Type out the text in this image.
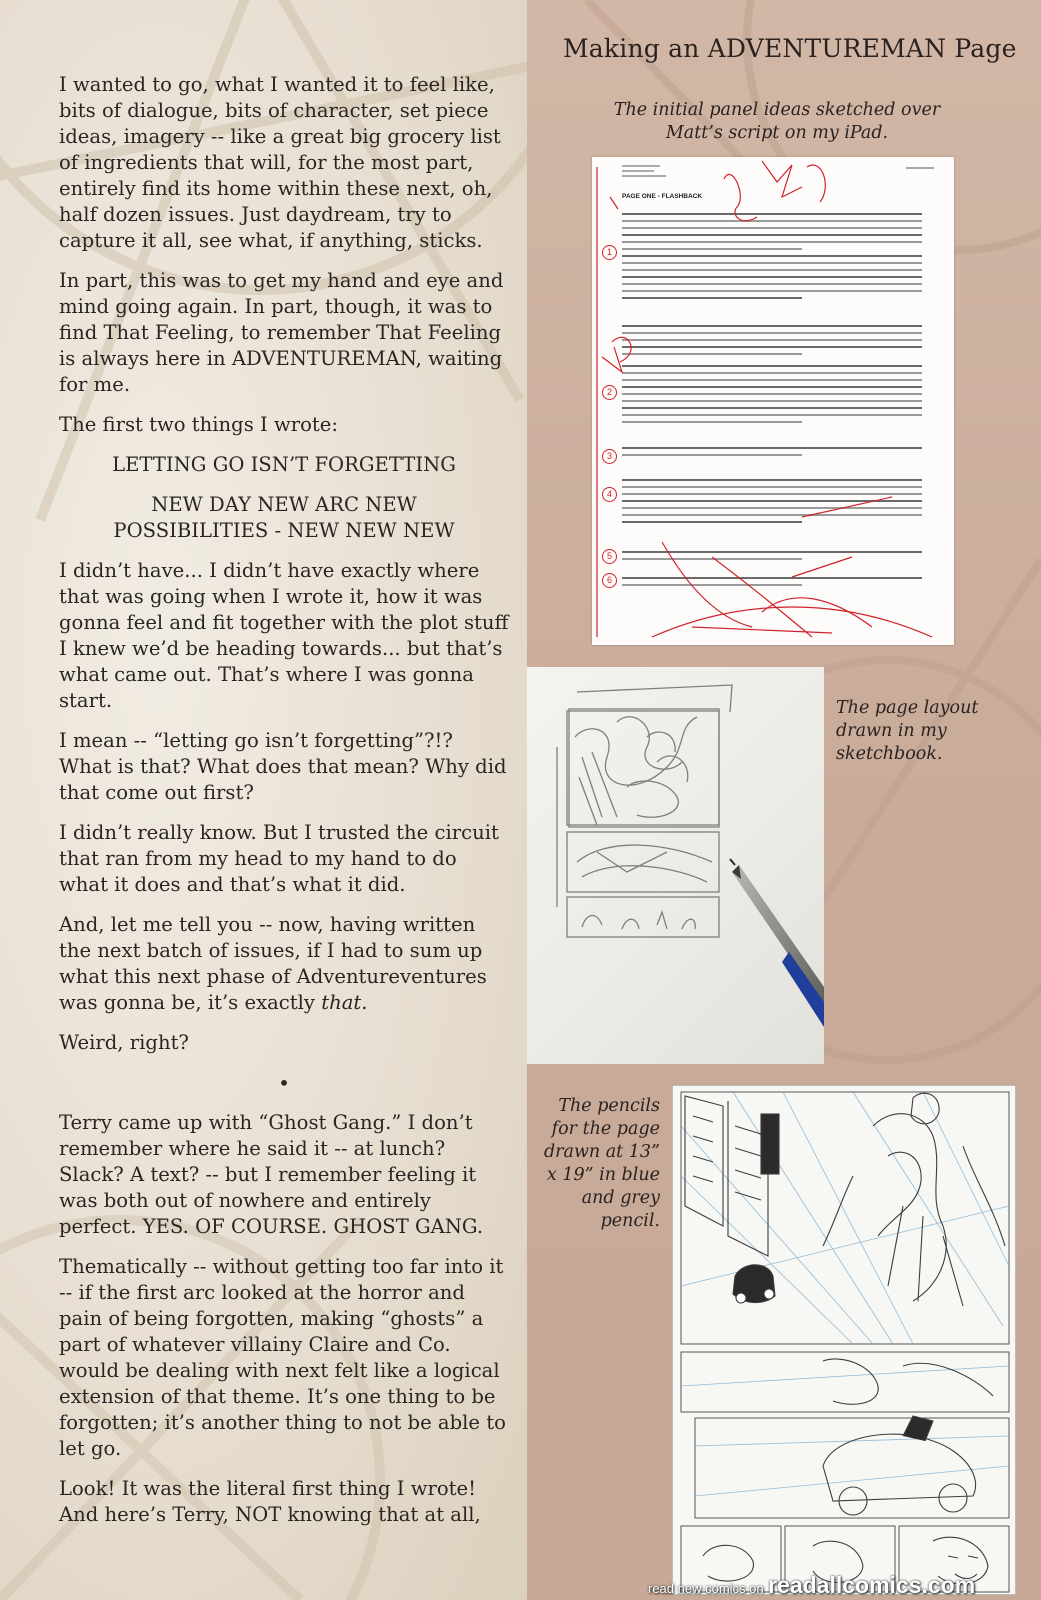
I wanted to go, what I wanted it to feel like, bits of dialogue, bits of character, set piece ideas, imagery -- like a great big grocery list of ingredients that will, for the most part, entirely find its home within these next, oh, half dozen issues. Just daydream, try to capture it all, see what, if anything, sticks.

In part, this was to get my hand and eye and mind going again. In part, though, it was to find That Feeling, to remember That Feeling is always here in ADVENTUREMAN, waiting for me.

The first two things I wrote:

LETTING GO ISN’T FORGETTING
NEW DAY NEW ARC NEW POSSIBILITIES - NEW NEW NEW

I didn’t have... I didn’t have exactly where that was going when I wrote it, how it was gonna feel and fit together with the plot stuff I knew we’d be heading towards... but that’s what came out. That’s where I was gonna start.

I mean -- “letting go isn’t forgetting”?!? What is that? What does that mean? Why did that come out first?

I didn’t really know. But I trusted the circuit that ran from my head to my hand to do what it does and that’s what it did.

And, let me tell you -- now, having written the next batch of issues, if I had to sum up what this next phase of Adventureventures was gonna be, it’s exactly that.

Weird, right?

•

Terry came up with “Ghost Gang.” I don’t remember where he said it -- at lunch? Slack? A text? -- but I remember feeling it was both out of nowhere and entirely perfect. YES. OF COURSE. GHOST GANG.

Thematically -- without getting too far into it -- if the first arc looked at the horror and pain of being forgotten, making “ghosts” a part of whatever villainy Claire and Co. would be dealing with next felt like a logical extension of that theme. It’s one thing to be forgotten; it’s another thing to not be able to let go.

Look! It was the literal first thing I wrote! And here’s Terry, NOT knowing that at all,

Making an ADVENTUREMAN Page
The initial panel ideas sketched over Matt’s script on my iPad.
PAGE ONE - FLASHBACK
1
2
3
4
5
6
The page layout drawn in my sketchbook.
The pencils for the page drawn at 13” x 19” in blue and grey pencil.
read new comics on readallcomics.com
